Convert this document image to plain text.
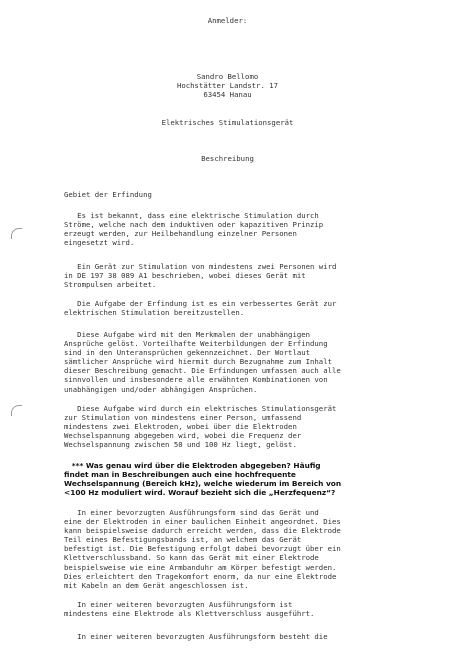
Anmelder:
Sandro Bellomo
Hochstätter Landstr. 17
63454 Hanau
Elektrisches Stimulationsgerät
Beschreibung
Gebiet der Erfindung
Es ist bekannt, dass eine elektrische Stimulation durch
Ströme, welche nach dem induktiven oder kapazitiven Prinzip
erzeugt werden, zur Heilbehandlung einzelner Personen
eingesetzt wird.
Ein Gerät zur Stimulation von mindestens zwei Personen wird
in DE 197 38 089 A1 beschrieben, wobei dieses Gerät mit
Strompulsen arbeitet.
Die Aufgabe der Erfindung ist es ein verbessertes Gerät zur
elektrischen Stimulation bereitzustellen.
Diese Aufgabe wird mit den Merkmalen der unabhängigen
Ansprüche gelöst. Vorteilhafte Weiterbildungen der Erfindung
sind in den Unteransprüchen gekennzeichnet. Der Wortlaut
sämtlicher Ansprüche wird hiermit durch Bezugnahme zum Inhalt
dieser Beschreibung gemacht. Die Erfindungen umfassen auch alle
sinnvollen und insbesondere alle erwähnten Kombinationen von
unabhängigen und/oder abhängigen Ansprüchen.
Diese Aufgabe wird durch ein elektrisches Stimulationsgerät
zur Stimulation von mindestens einer Person, umfassend
mindestens zwei Elektroden, wobei über die Elektroden
Wechselspannung abgegeben wird, wobei die Frequenz der
Wechselspannung zwischen 50 und 100 Hz liegt, gelöst.
*** Was genau wird über die Elektroden abgegeben? Häufig
findet man in Beschreibungen auch eine hochfrequente
Wechselspannung (Bereich kHz), welche wiederum im Bereich von
<100 Hz moduliert wird. Worauf bezieht sich die „Herzfequenz“?
In einer bevorzugten Ausführungsform sind das Gerät und
eine der Elektroden in einer baulichen Einheit angeordnet. Dies
kann beispielsweise dadurch erreicht werden, dass die Elektrode
Teil eines Befestigungsbands ist, an welchem das Gerät
befestigt ist. Die Befestigung erfolgt dabei bevorzugt über ein
Klettverschlussband. So kann das Gerät mit einer Elektrode
beispielsweise wie eine Armbanduhr am Körper befestigt werden.
Dies erleichtert den Tragekomfort enorm, da nur eine Elektrode
mit Kabeln an dem Gerät angeschlossen ist.
In einer weiteren bevorzugten Ausführungsform ist
mindestens eine Elektrode als Klettverschluss ausgeführt.
In einer weiteren bevorzugten Ausführungsform besteht die
